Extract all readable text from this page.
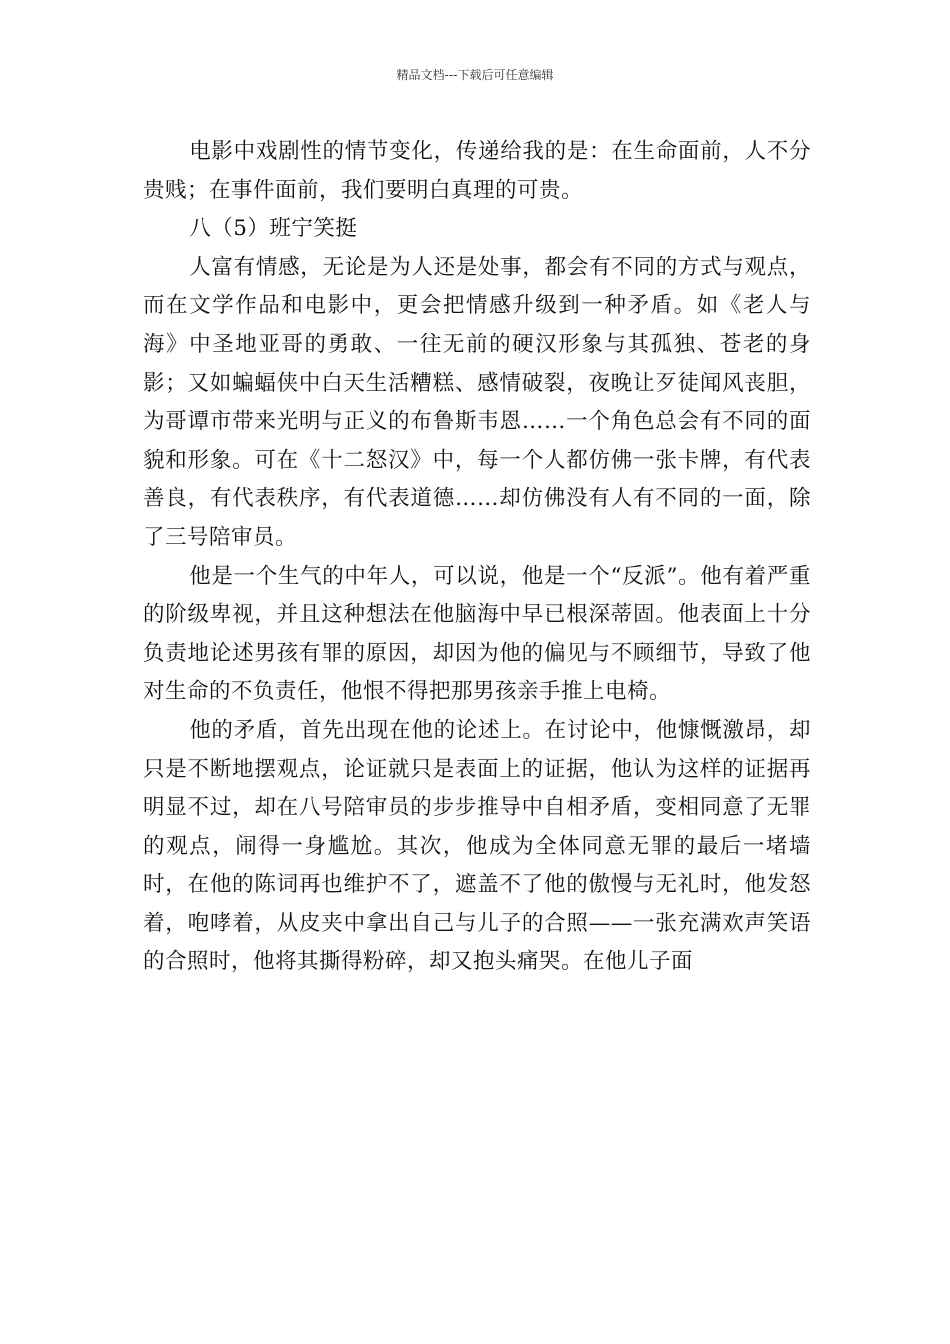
精品文档---下载后可任意编辑

电影中戏剧性的情节变化，传递给我的是：在生命面前，人不分贵贱；在事件面前，我们要明白真理的可贵。

八（5）班宁笑挺

人富有情感，无论是为人还是处事，都会有不同的方式与观点，而在文学作品和电影中，更会把情感升级到一种矛盾。如《老人与海》中圣地亚哥的勇敢、一往无前的硬汉形象与其孤独、苍老的身影；又如蝙蝠侠中白天生活糟糕、感情破裂，夜晚让歹徒闻风丧胆，为哥谭市带来光明与正义的布鲁斯韦恩……一个角色总会有不同的面貌和形象。可在《十二怒汉》中，每一个人都仿佛一张卡牌，有代表善良，有代表秩序，有代表道德……却仿佛没有人有不同的一面，除了三号陪审员。

他是一个生气的中年人，可以说，他是一个“反派”。他有着严重的阶级卑视，并且这种想法在他脑海中早已根深蒂固。他表面上十分负责地论述男孩有罪的原因，却因为他的偏见与不顾细节，导致了他对生命的不负责任，他恨不得把那男孩亲手推上电椅。

他的矛盾，首先出现在他的论述上。在讨论中，他慷慨激昂，却只是不断地摆观点，论证就只是表面上的证据，他认为这样的证据再明显不过，却在八号陪审员的步步推导中自相矛盾，变相同意了无罪的观点，闹得一身尴尬。其次，他成为全体同意无罪的最后一堵墙时，在他的陈词再也维护不了，遮盖不了他的傲慢与无礼时，他发怒着，咆哮着，从皮夹中拿出自己与儿子的合照——一张充满欢声笑语的合照时，他将其撕得粉碎，却又抱头痛哭。在他儿子面
